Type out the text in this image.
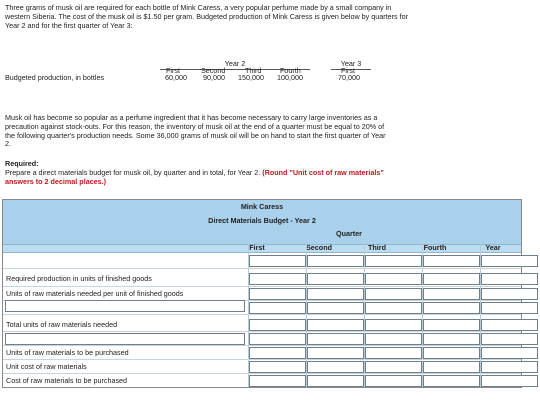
Three grams of musk oil are required for each bottle of Mink Caress, a very popular perfume made by a small company in western Siberia. The cost of the musk oil is $1.50 per gram. Budgeted production of Mink Caress is given below by quarters for Year 2 and for the first quarter of Year 3:
Budgeted production, in bottles
Year 2
First	Second	Third	Fourth
60,000 90,000 150,000 100,000
Year 3
First
70,000
Musk oil has become so popular as a perfume ingredient that it has become necessary to carry large inventories as a precaution against stock-outs. For this reason, the inventory of musk oil at the end of a quarter must be equal to 20% of the following quarter's production needs. Some 36,000 grams of musk oil will be on hand to start the first quarter of Year 2.
Required:
Prepare a direct materials budget for musk oil, by quarter and in total, for Year 2. (Round "Unit cost of raw materials" answers to 2 decimal places.)
Mink Caress
Direct Materials Budget - Year 2
Quarter
First	Second	Third	Fourth	Year
Required production in units of finished goods
Units of raw materials needed per unit of finished goods
Total units of raw materials needed
Units of raw materials to be purchased
Unit cost of raw materials
Cost of raw materials to be purchased
